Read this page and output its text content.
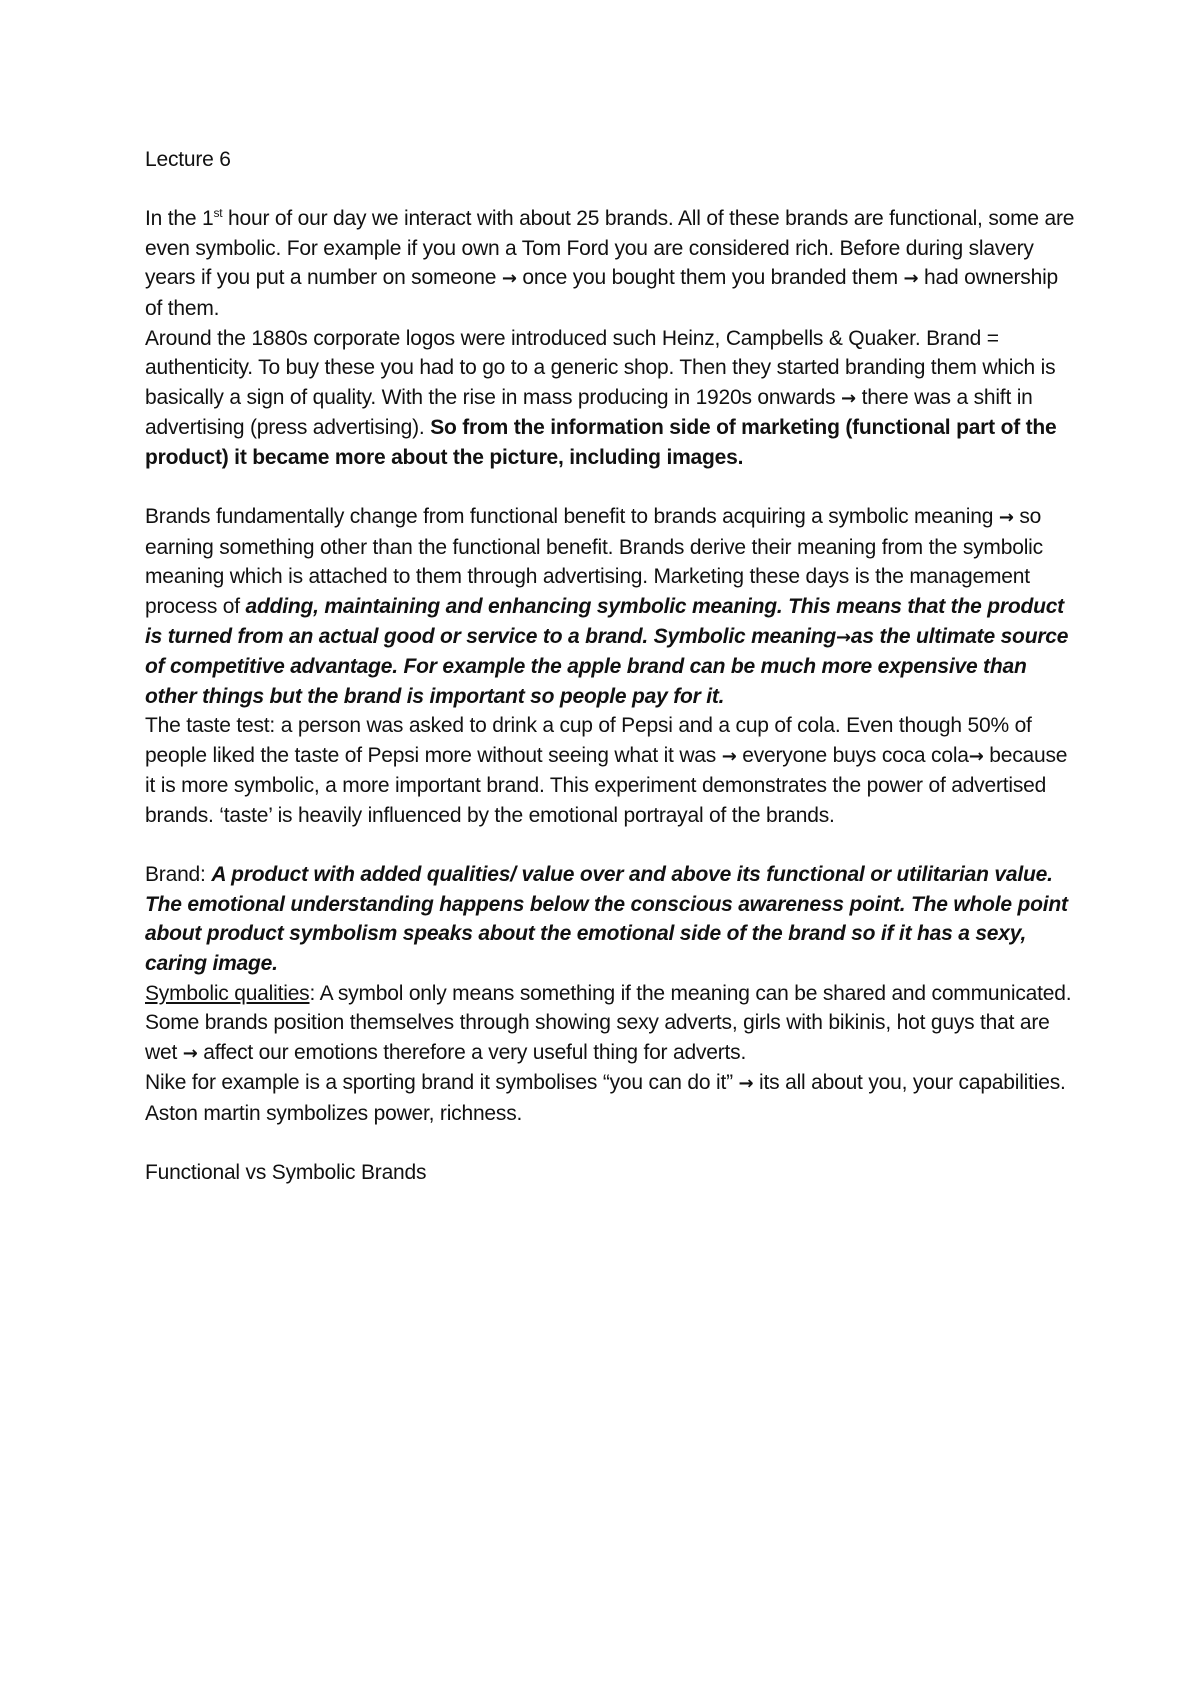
Lecture 6

In the 1st hour of our day we interact with about 25 brands. All of these brands are functional, some are even symbolic. For example if you own a Tom Ford you are considered rich. Before during slavery years if you put a number on someone → once you bought them you branded them → had ownership of them.

Around the 1880s corporate logos were introduced such Heinz, Campbells & Quaker. Brand = authenticity. To buy these you had to go to a generic shop. Then they started branding them which is basically a sign of quality. With the rise in mass producing in 1920s onwards → there was a shift in advertising (press advertising). So from the information side of marketing (functional part of the product) it became more about the picture, including images.

Brands fundamentally change from functional benefit to brands acquiring a symbolic meaning → so earning something other than the functional benefit. Brands derive their meaning from the symbolic meaning which is attached to them through advertising. Marketing these days is the management process of adding, maintaining and enhancing symbolic meaning. This means that the product is turned from an actual good or service to a brand. Symbolic meaning→as the ultimate source of competitive advantage. For example the apple brand can be much more expensive than other things but the brand is important so people pay for it.

The taste test: a person was asked to drink a cup of Pepsi and a cup of cola. Even though 50% of people liked the taste of Pepsi more without seeing what it was → everyone buys coca cola→ because it is more symbolic, a more important brand. This experiment demonstrates the power of advertised brands. ‘taste’ is heavily influenced by the emotional portrayal of the brands.

Brand: A product with added qualities/ value over and above its functional or utilitarian value.

The emotional understanding happens below the conscious awareness point. The whole point about product symbolism speaks about the emotional side of the brand so if it has a sexy, caring image.

Symbolic qualities: A symbol only means something if the meaning can be shared and communicated.

Some brands position themselves through showing sexy adverts, girls with bikinis, hot guys that are wet → affect our emotions therefore a very useful thing for adverts.

Nike for example is a sporting brand it symbolises “you can do it” → its all about you, your capabilities. Aston martin symbolizes power, richness.

Functional vs Symbolic Brands
